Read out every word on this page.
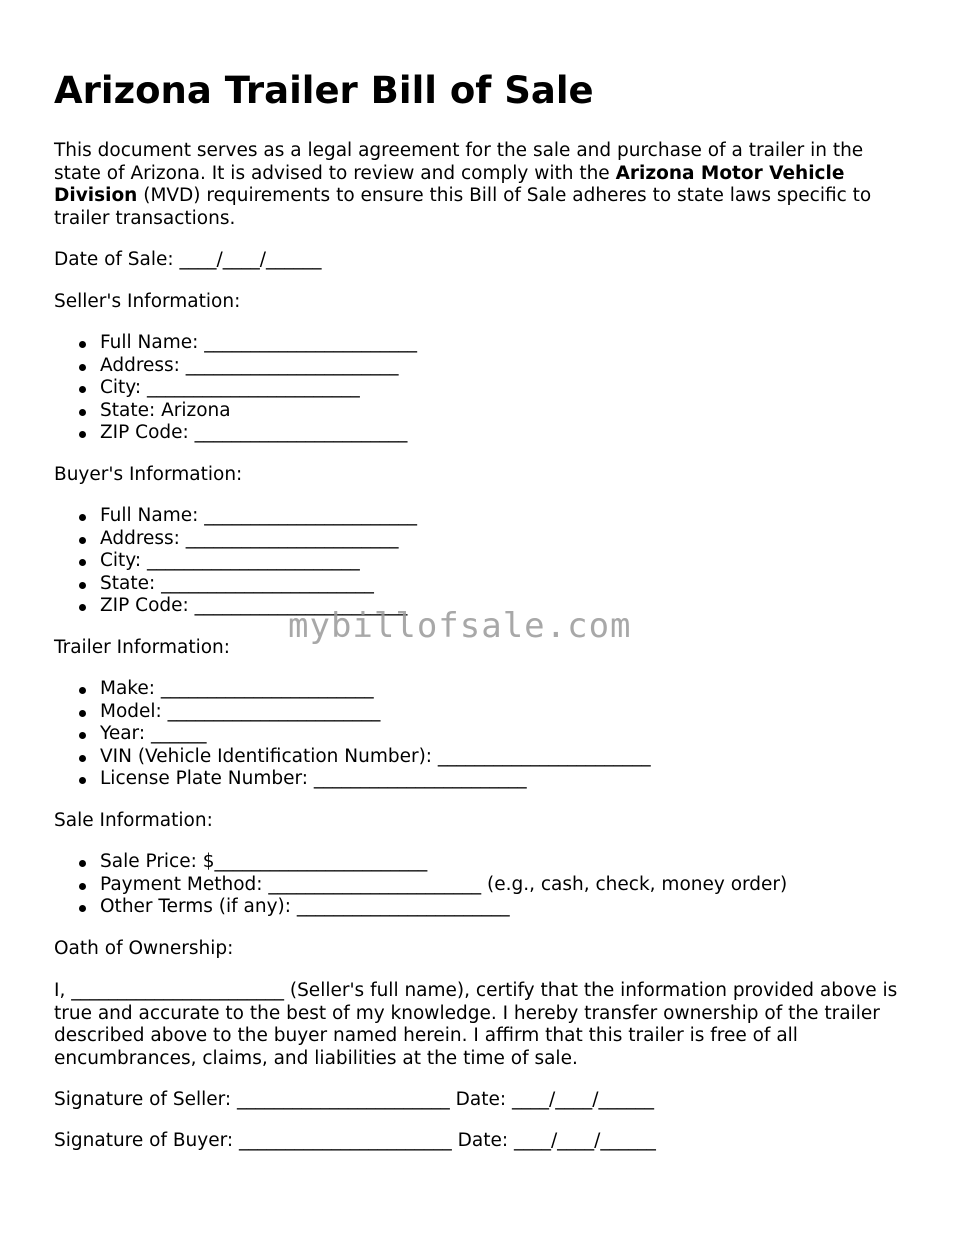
Arizona Trailer Bill of Sale

This document serves as a legal agreement for the sale and purchase of a trailer in the state of Arizona. It is advised to review and comply with the Arizona Motor Vehicle Division (MVD) requirements to ensure this Bill of Sale adheres to state laws specific to trailer transactions.

Date of Sale: ____/____/______
Seller's Information:
Full Name: _______________________
Address: _______________________
City: _______________________
State: Arizona
ZIP Code: _______________________
Buyer's Information:
Full Name: _______________________
Address: _______________________
City: _______________________
State: _______________________
ZIP Code: _______________________
Trailer Information:
Make: _______________________
Model: _______________________
Year: ______
VIN (Vehicle Identification Number): _______________________
License Plate Number: _______________________
Sale Information:
Sale Price: $_______________________
Payment Method: _______________________ (e.g., cash, check, money order)
Other Terms (if any): _______________________
Oath of Ownership:

I, _______________________ (Seller's full name), certify that the information provided above is true and accurate to the best of my knowledge. I hereby transfer ownership of the trailer described above to the buyer named herein. I affirm that this trailer is free of all encumbrances, claims, and liabilities at the time of sale.

Signature of Seller: _______________________ Date: ____/____/______
Signature of Buyer: _______________________ Date: ____/____/______
mybillofsale.com
